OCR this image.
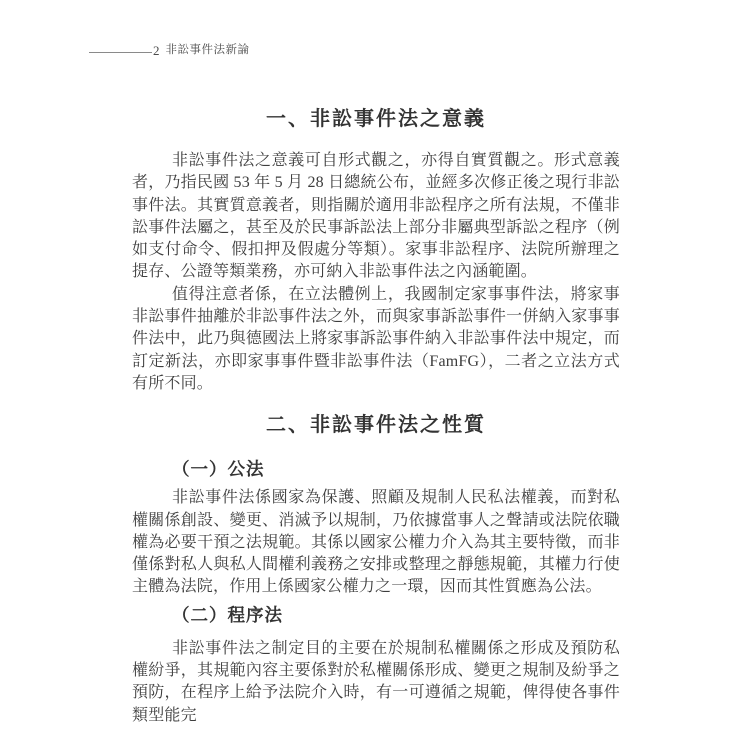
2 非訟事件法新論
一、非訟事件法之意義

非訟事件法之意義可自形式觀之，亦得自實質觀之。形式意義者，乃指民國 53 年 5 月 28 日總統公布，並經多次修正後之現行非訟事件法。其實質意義者，則指關於適用非訟程序之所有法規，不僅非訟事件法屬之，甚至及於民事訴訟法上部分非屬典型訴訟之程序（例如支付命令、假扣押及假處分等類）。家事非訟程序、法院所辦理之提存、公證等類業務，亦可納入非訟事件法之內涵範圍。

值得注意者係，在立法體例上，我國制定家事事件法，將家事非訟事件抽離於非訟事件法之外，而與家事訴訟事件一併納入家事事件法中，此乃與德國法上將家事訴訟事件納入非訟事件法中規定，而訂定新法，亦即家事事件暨非訟事件法（FamFG），二者之立法方式有所不同。

二、非訟事件法之性質
（一）公法

非訟事件法係國家為保護、照顧及規制人民私法權義，而對私權關係創設、變更、消滅予以規制，乃依據當事人之聲請或法院依職權為必要干預之法規範。其係以國家公權力介入為其主要特徵，而非僅係對私人與私人間權利義務之安排或整理之靜態規範，其權力行使主體為法院，作用上係國家公權力之一環，因而其性質應為公法。

（二）程序法

非訟事件法之制定目的主要在於規制私權關係之形成及預防私權紛爭，其規範內容主要係對於私權關係形成、變更之規制及紛爭之預防，在程序上給予法院介入時，有一可遵循之規範，俾得使各事件類型能完
